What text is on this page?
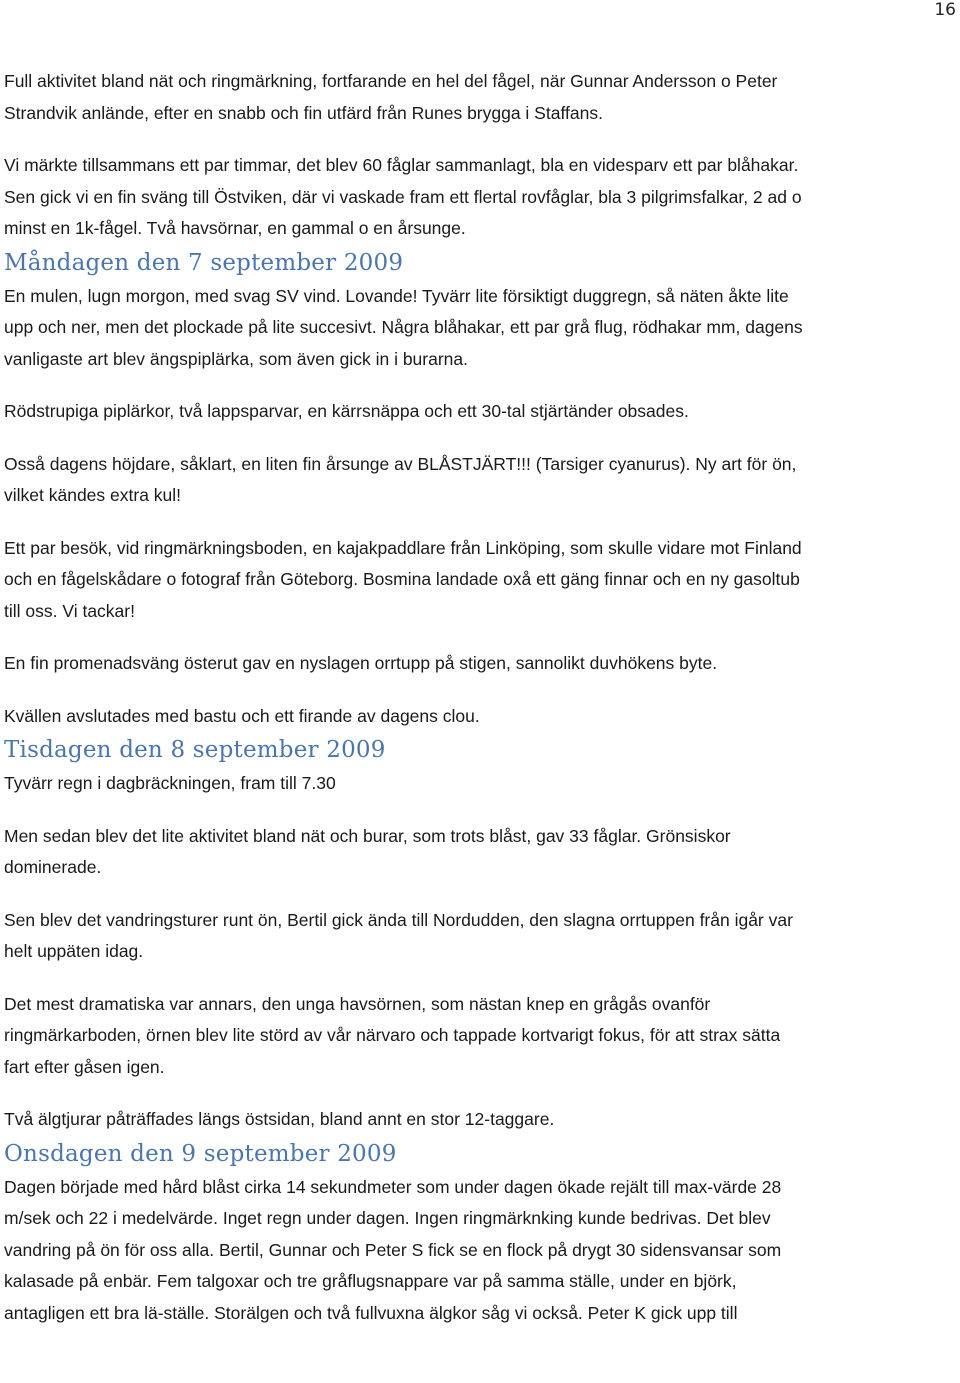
16

Full aktivitet bland nät och ringmärkning, fortfarande en hel del fågel, när Gunnar Andersson o Peter
Strandvik anlände, efter en snabb och fin utfärd från Runes brygga i Staffans.

Vi märkte tillsammans ett par timmar, det blev 60 fåglar sammanlagt, bla en videsparv ett par blåhakar.
Sen gick vi en fin sväng till Östviken, där vi vaskade fram ett flertal rovfåglar, bla 3 pilgrimsfalkar, 2 ad o
minst en 1k-fågel. Två havsörnar, en gammal o en årsunge.

Måndagen den 7 september 2009

En mulen, lugn morgon, med svag SV vind. Lovande! Tyvärr lite försiktigt duggregn, så näten åkte lite
upp och ner, men det plockade på lite succesivt. Några blåhakar, ett par grå flug, rödhakar mm, dagens
vanligaste art blev ängspiplärka, som även gick in i burarna.

Rödstrupiga piplärkor, två lappsparvar, en kärrsnäppa och ett 30-tal stjärtänder obsades.

Osså dagens höjdare, såklart, en liten fin årsunge av BLÅSTJÄRT!!! (Tarsiger cyanurus). Ny art för ön,
vilket kändes extra kul!

Ett par besök, vid ringmärkningsboden, en kajakpaddlare från Linköping, som skulle vidare mot Finland
och en fågelskådare o fotograf från Göteborg. Bosmina landade oxå ett gäng finnar och en ny gasoltub
till oss. Vi tackar!

En fin promenadsväng österut gav en nyslagen orrtupp på stigen, sannolikt duvhökens byte.

Kvällen avslutades med bastu och ett firande av dagens clou.

Tisdagen den 8 september 2009

Tyvärr regn i dagbräckningen, fram till 7.30

Men sedan blev det lite aktivitet bland nät och burar, som trots blåst, gav 33 fåglar. Grönsiskor
dominerade.

Sen blev det vandringsturer runt ön, Bertil gick ända till Nordudden, den slagna orrtuppen från igår var
helt uppäten idag.

Det mest dramatiska var annars, den unga havsörnen, som nästan knep en grågås ovanför
ringmärkarboden, örnen blev lite störd av vår närvaro och tappade kortvarigt fokus, för att strax sätta
fart efter gåsen igen.

Två älgtjurar påträffades längs östsidan, bland annt en stor 12-taggare.

Onsdagen den 9 september 2009

Dagen började med hård blåst cirka 14 sekundmeter som under dagen ökade rejält till max-värde 28
m/sek och 22 i medelvärde. Inget regn under dagen. Ingen ringmärknking kunde bedrivas. Det blev
vandring på ön för oss alla. Bertil, Gunnar och Peter S fick se en flock på drygt 30 sidensvansar som
kalasade på enbär. Fem talgoxar och tre gråflugsnappare var på samma ställe, under en björk,
antagligen ett bra lä-ställe. Storälgen och två fullvuxna älgkor såg vi också. Peter K gick upp till
